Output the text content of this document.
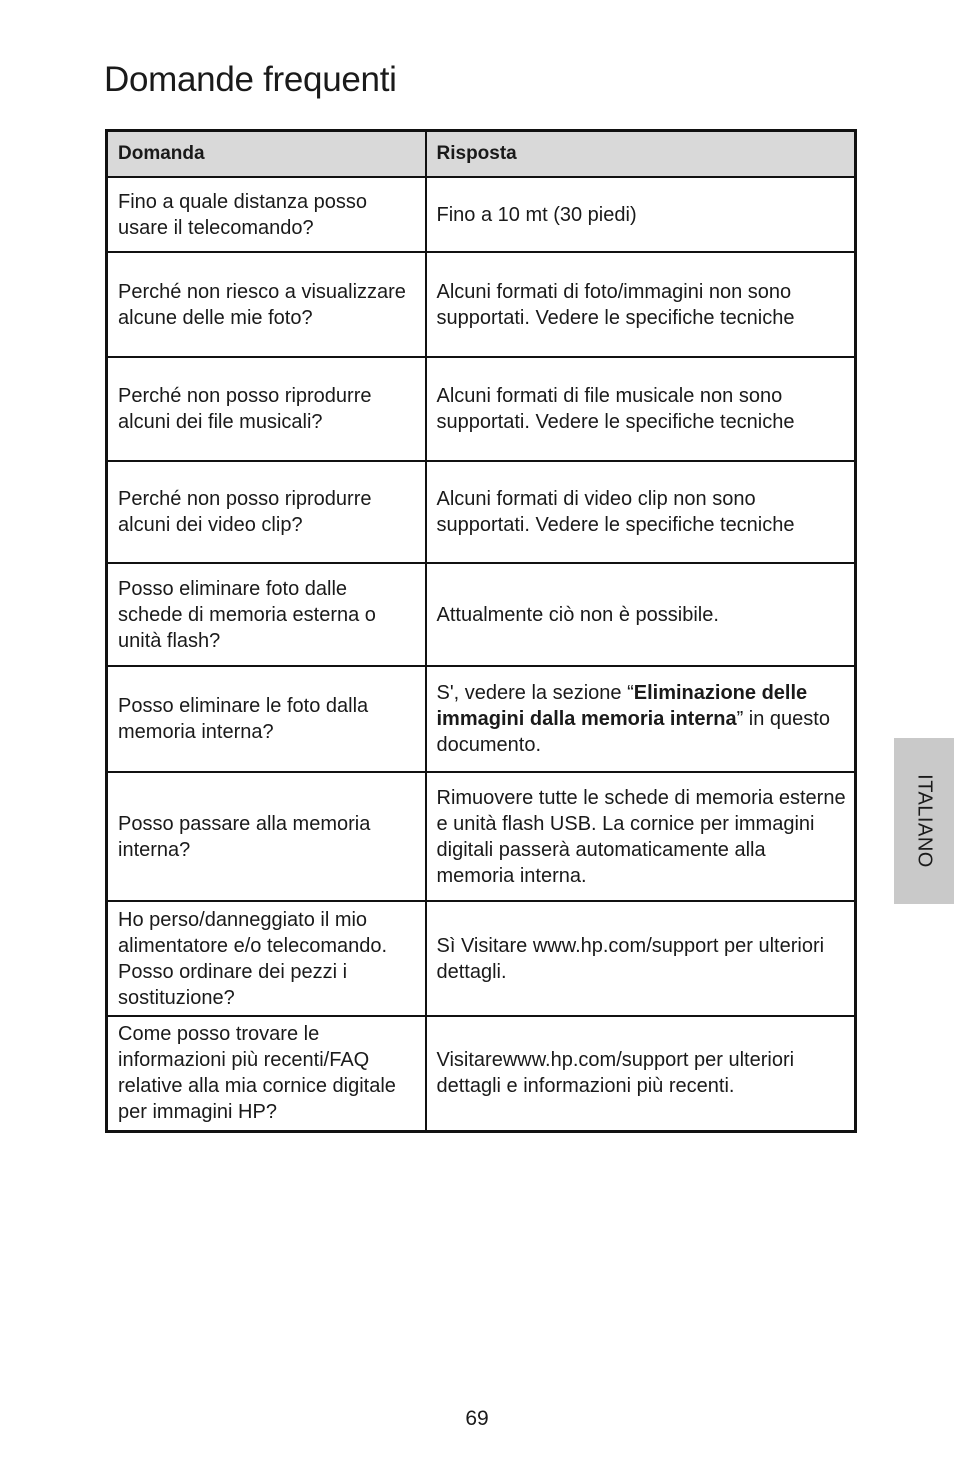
Domande frequenti
Domanda	Risposta
Fino a quale distanza posso usare il telecomando?	Fino a 10 mt (30 piedi)
Perché non riesco a visualizzare alcune delle mie foto?	Alcuni formati di foto/immagini non sono supportati. Vedere le specifiche tecniche
Perché non posso riprodurre alcuni dei file musicali?	Alcuni formati di file musicale non sono supportati. Vedere le specifiche tecniche
Perché non posso riprodurre alcuni dei video clip?	Alcuni formati di video clip non sono supportati. Vedere le specifiche tecniche
Posso eliminare foto dalle schede di memoria esterna o unità flash?	Attualmente ciò non è possibile.
Posso eliminare le foto dalla memoria interna?	S', vedere la sezione “Eliminazione delle immagini dalla memoria interna” in questo documento.
Posso passare alla memoria interna?	Rimuovere tutte le schede di memoria esterne e unità flash USB. La cornice per immagini digitali passerà automaticamente alla memoria interna.
Ho perso/danneggiato il mio alimentatore e/o telecomando. Posso ordinare dei pezzi i sostituzione?	Sì Visitare www.hp.com/support per ulteriori dettagli.
Come posso trovare le informazioni più recenti/FAQ relative alla mia cornice digitale per immagini HP?	Visitarewww.hp.com/support per ulteriori dettagli e informazioni più recenti.
ITALIANO
69
